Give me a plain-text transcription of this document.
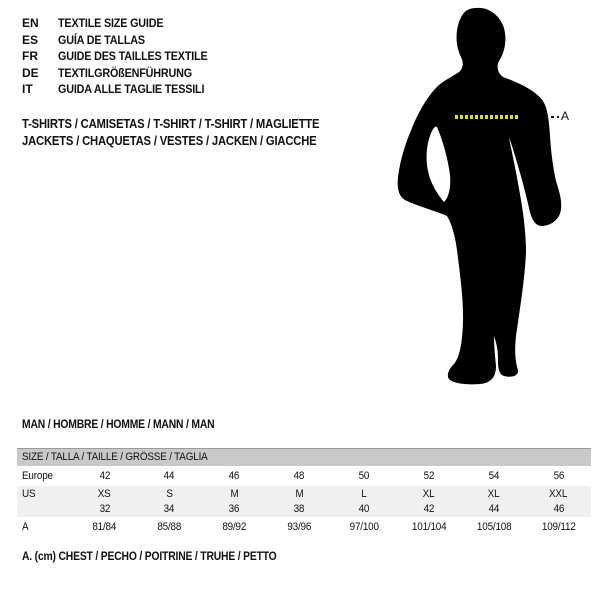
EN TEXTILE SIZE GUIDE
ES GUÍA DE TALLAS
FR GUIDE DES TAILLES TEXTILE
DE TEXTILGRÖßENFÜHRUNG
IT GUIDA ALLE TAGLIE TESSILI
T-SHIRTS / CAMISETAS / T-SHIRT / T-SHIRT / MAGLIETTE
JACKETS / CHAQUETAS / VESTES / JACKEN / GIACCHE
A
MAN / HOMBRE / HOMME / MANN / MAN
SIZE / TALLA / TAILLE / GRÖSSE / TAGLIA
Europe	42	44	46	48	50	52	54	56
US	XS	S	M	M	L	XL	XL	XXL
32	34	36	38	40	42	44	46
A	81/84	85/88	89/92	93/96	97/100	101/104	105/108	109/112
A. (cm) CHEST / PECHO / POITRINE / TRUHE / PETTO
